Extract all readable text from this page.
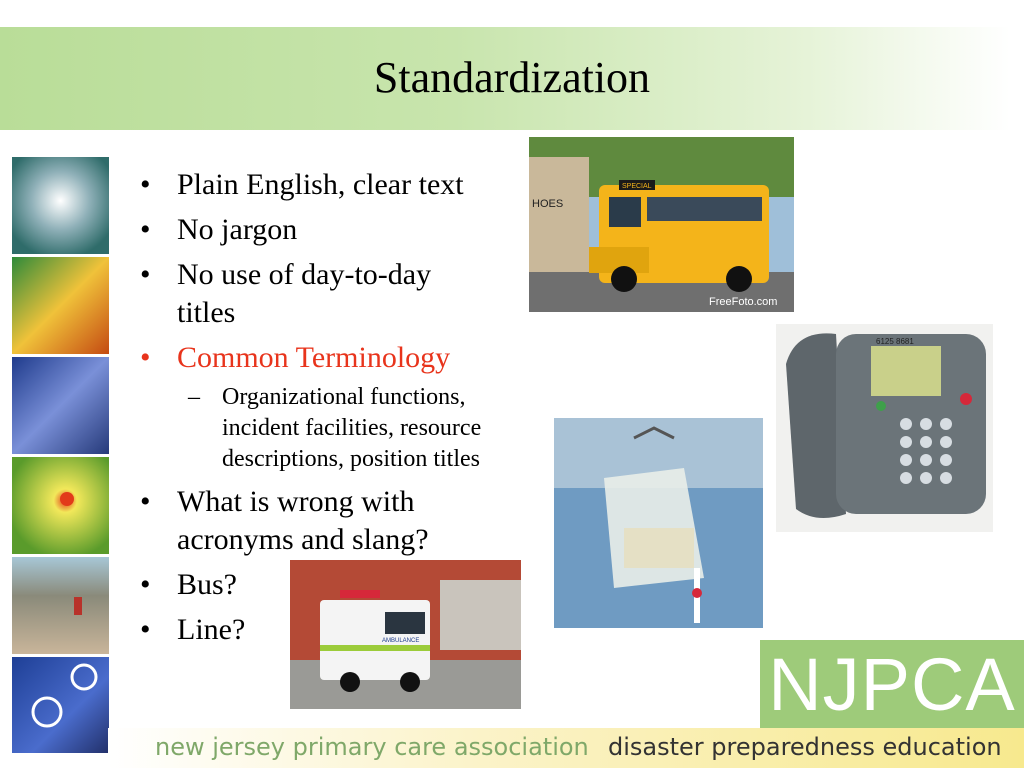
Standardization
• Plain English, clear text
• No jargon
• No use of day-to-day titles
• Common Terminology
– Organizational functions, incident facilities, resource descriptions, position titles
• What is wrong with acronyms and slang?
• Bus?
• Line?
HOES
SPECIAL
FreeFoto.com
6125 8681
AMBULANCE
NJPCA
new jersey primary care association disaster preparedness education
